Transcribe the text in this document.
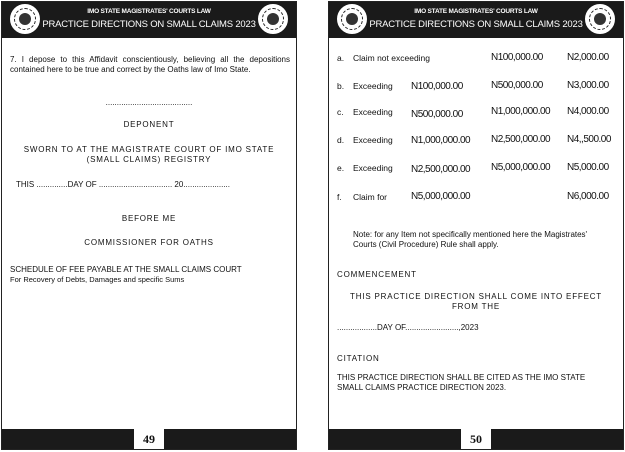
IMO STATE MAGISTRATES' COURTS LAW
PRACTICE DIRECTIONS ON SMALL CLAIMS 2023
7. I depose to this Affidavit conscientiously, believing all the depositions contained here to be true and correct by the Oaths law of Imo State.
.......................................
DEPONENT
SWORN TO AT THE MAGISTRATE COURT OF IMO STATE (SMALL CLAIMS) REGISTRY
THIS ..............DAY OF ................................. 20.....................
BEFORE ME
COMMISSIONER FOR OATHS
SCHEDULE OF FEE PAYABLE AT THE SMALL CLAIMS COURT
For Recovery of Debts, Damages and specific Sums
49
IMO STATE MAGISTRATES' COURTS LAW
PRACTICE DIRECTIONS ON SMALL CLAIMS 2023
a. Claim not exceeding	N100,000.00 N2,000.00
b. Exceeding N100,000.00	N500,000.00 N3,000.00
c. Exceeding N500,000.00	N1,000,000.00 N4,000.00
d. Exceeding N1,000,000.00 N2,500,000.00 N4,,500.00
e. Exceeding N2,500,000.00 N5,000,000.00 N5,000.00
f. Claim for N5,000,000.00	N6,000.00
Note: for any Item not specifically mentioned here the Magistrates' Courts (Civil Procedure) Rule shall apply.
COMMENCEMENT
THIS PRACTICE DIRECTION SHALL COME INTO EFFECT FROM THE
..................DAY OF........................,2023
CITATION
THIS PRACTICE DIRECTION SHALL BE CITED AS THE IMO STATE SMALL CLAIMS PRACTICE DIRECTION 2023.
50
